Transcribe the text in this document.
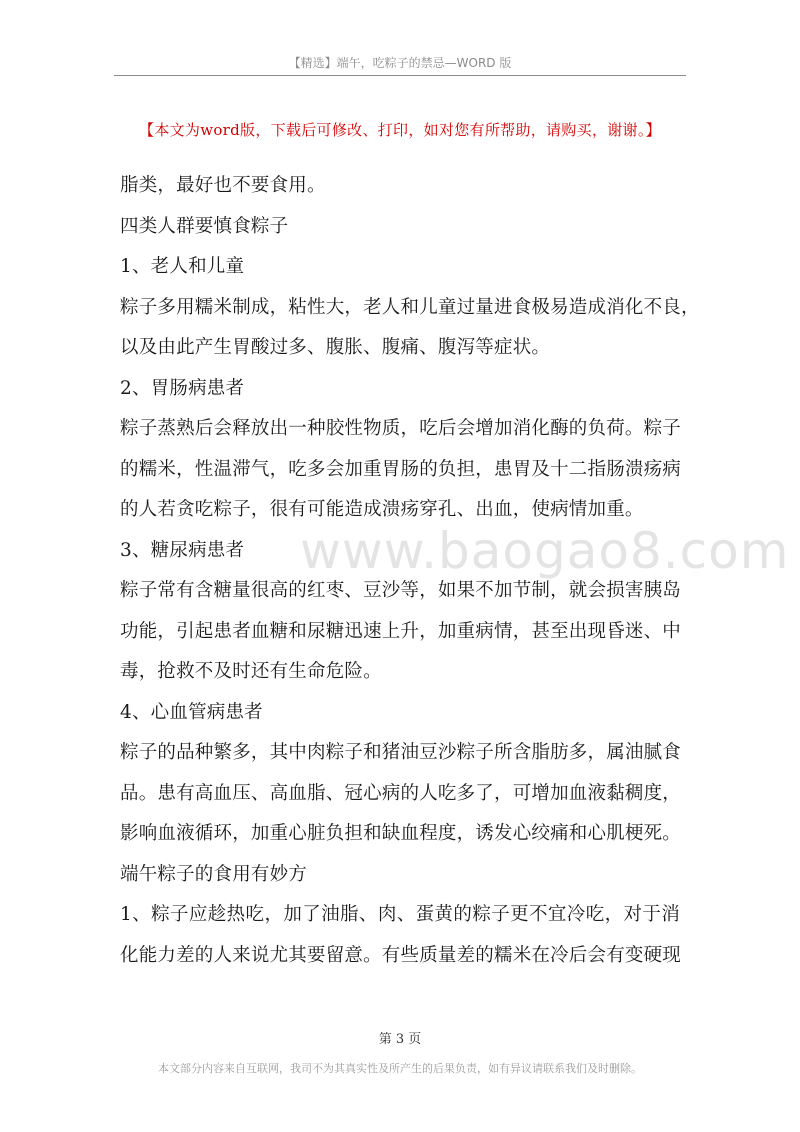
【精选】端午，吃粽子的禁忌—WORD 版
【本文为word版，下载后可修改、打印，如对您有所帮助，请购买，谢谢。】
www.baogao8.com
脂类，最好也不要食用。
四类人群要慎食粽子
1、老人和儿童
粽子多用糯米制成，粘性大，老人和儿童过量进食极易造成消化不良，
以及由此产生胃酸过多、腹胀、腹痛、腹泻等症状。
2、胃肠病患者
粽子蒸熟后会释放出一种胶性物质，吃后会增加消化酶的负荷。粽子
的糯米，性温滞气，吃多会加重胃肠的负担，患胃及十二指肠溃疡病
的人若贪吃粽子，很有可能造成溃疡穿孔、出血，使病情加重。
3、糖尿病患者
粽子常有含糖量很高的红枣、豆沙等，如果不加节制，就会损害胰岛
功能，引起患者血糖和尿糖迅速上升，加重病情，甚至出现昏迷、中
毒，抢救不及时还有生命危险。
4、心血管病患者
粽子的品种繁多，其中肉粽子和猪油豆沙粽子所含脂肪多，属油腻食
品。患有高血压、高血脂、冠心病的人吃多了，可增加血液黏稠度，
影响血液循环，加重心脏负担和缺血程度，诱发心绞痛和心肌梗死。
端午粽子的食用有妙方
1、粽子应趁热吃，加了油脂、肉、蛋黄的粽子更不宜冷吃，对于消
化能力差的人来说尤其要留意。有些质量差的糯米在冷后会有变硬现
第 3 页
本文部分内容来自互联网，我司不为其真实性及所产生的后果负责，如有异议请联系我们及时删除。
